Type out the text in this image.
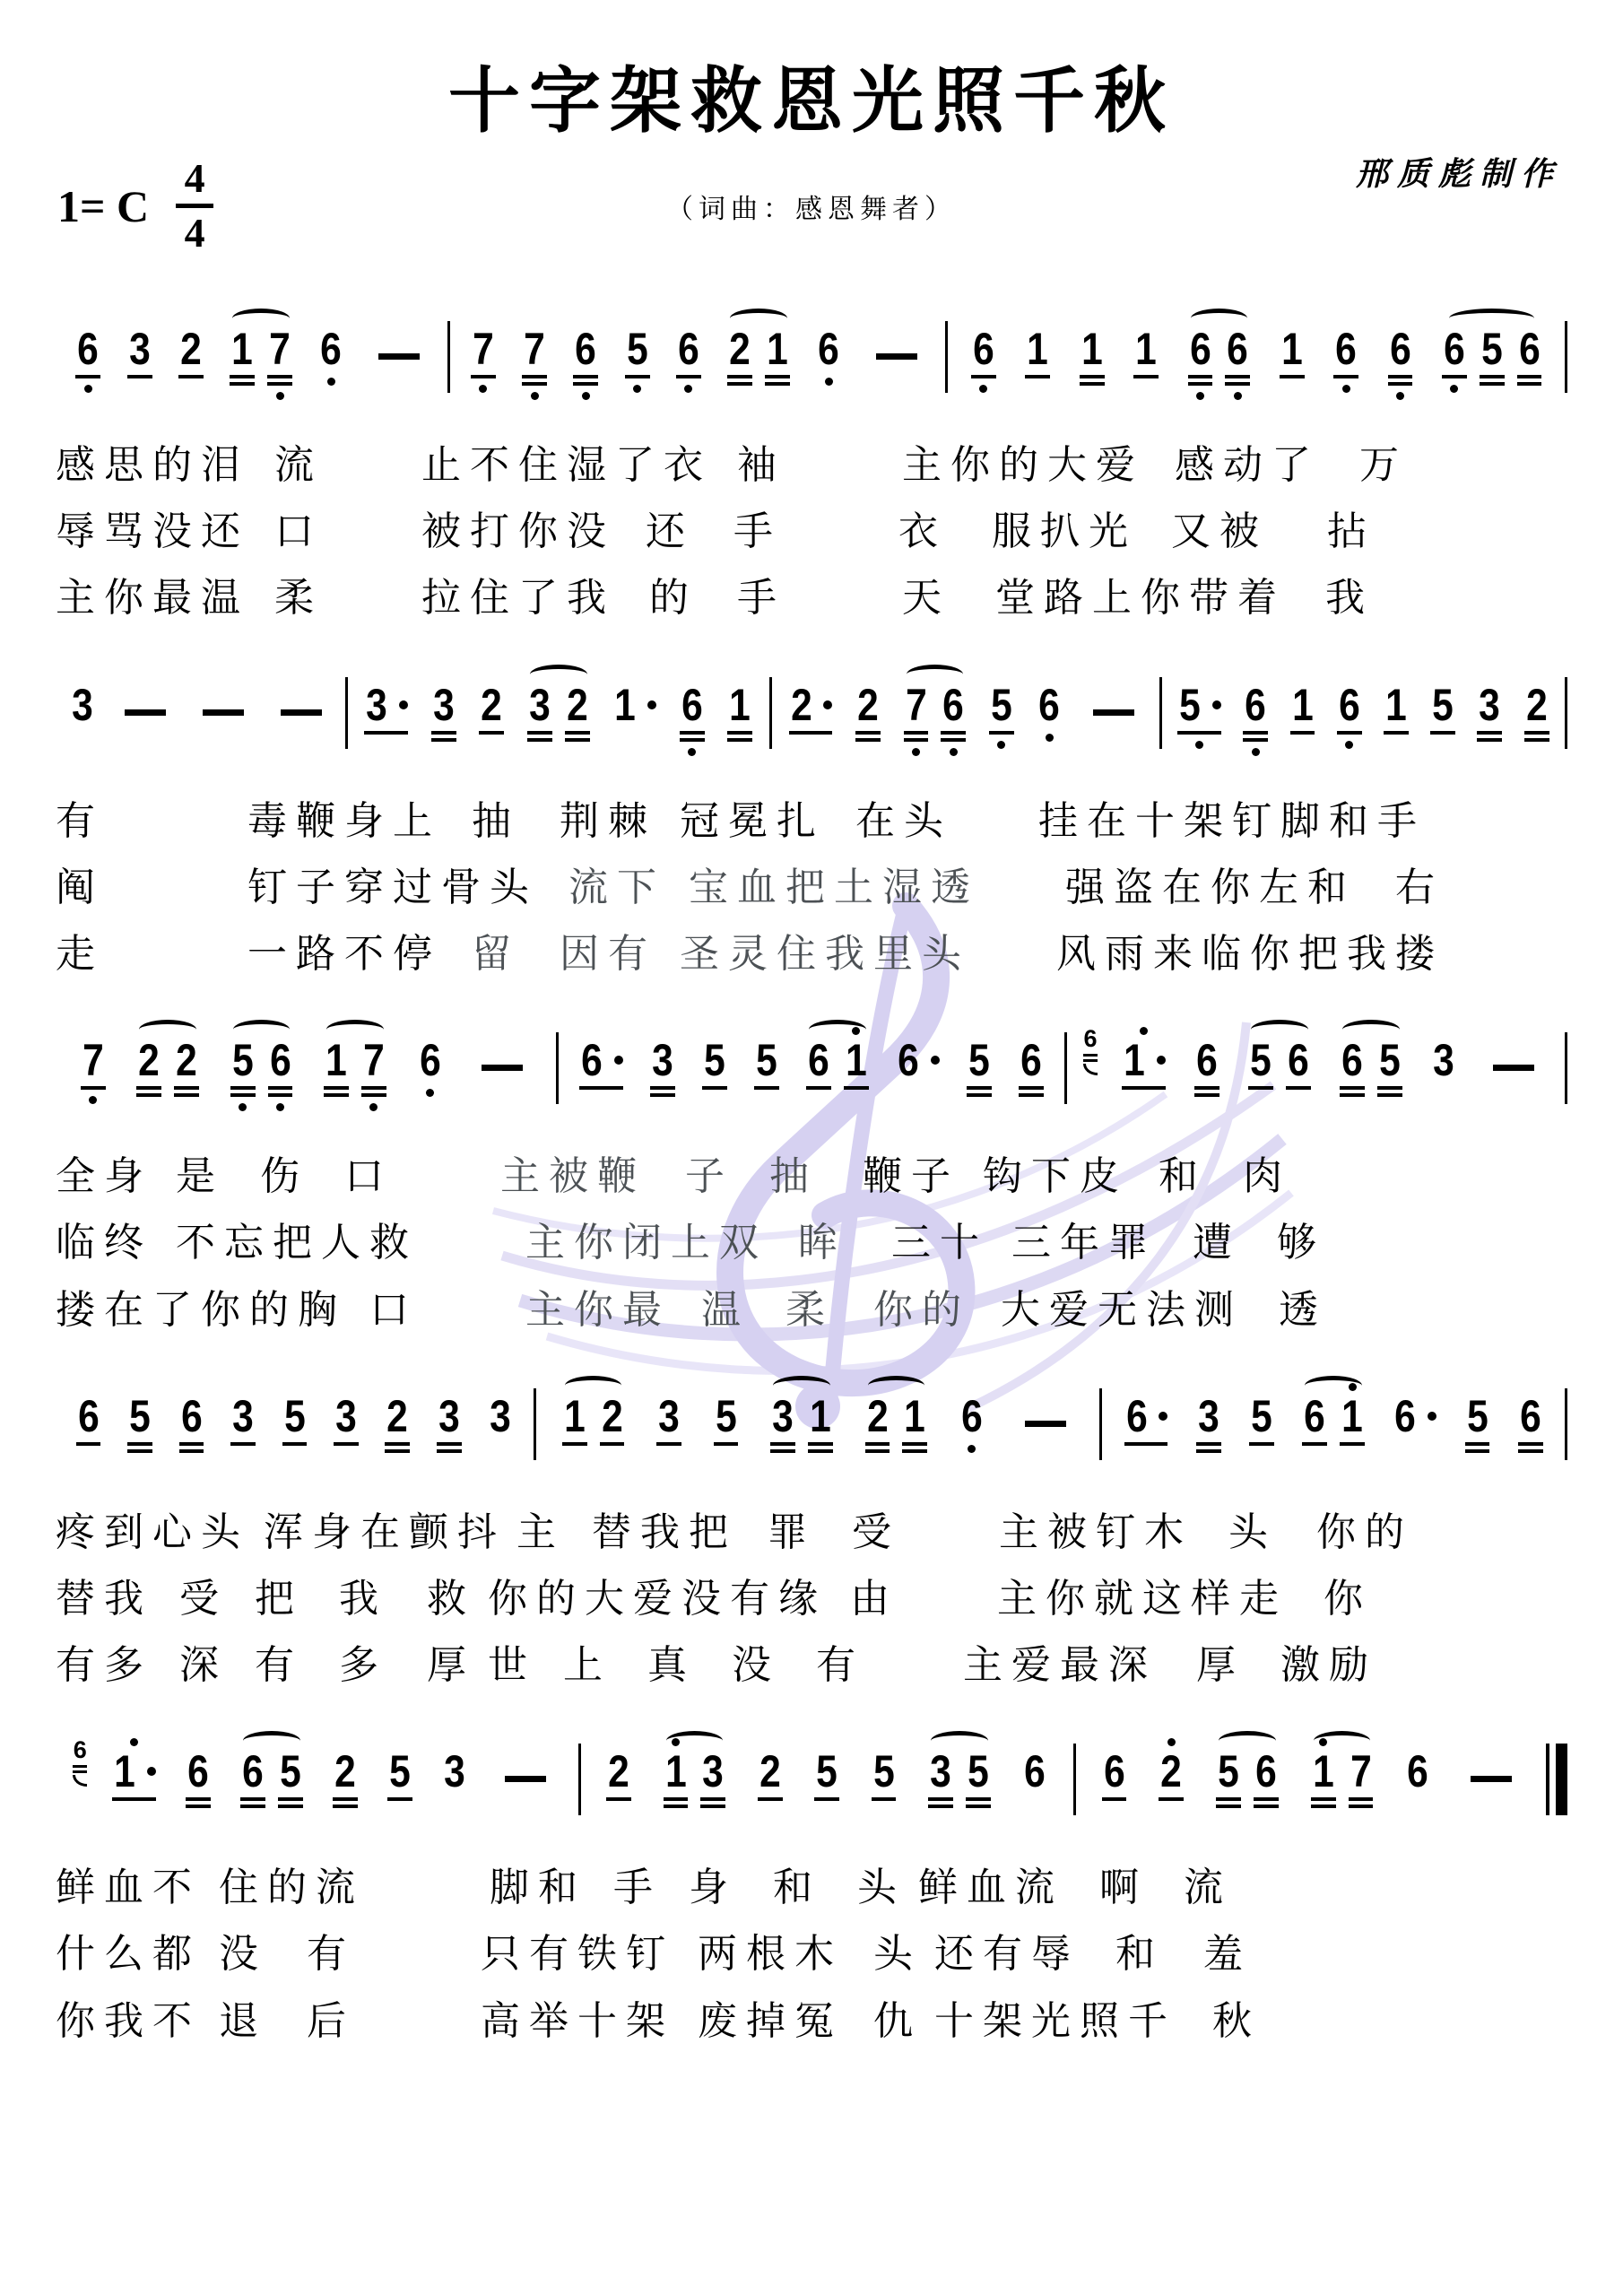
十字架救恩光照千秋
1= C
4
4
（词曲：感恩舞者）
邢质彪制作
6 3 2 1 7 6	7 7 6 5 6 2 1 6	6 1 1 1 6 6 1 6 6 6 5 6
感思的泪 流	止不住湿了衣 袖	主你的大爱 感动了 万
辱骂没还 口	被打你没 还 手	衣 服扒光 又被 拈
主你最温 柔	拉住了我 的 手	天 堂路上你带着 我
3	3 3 2 3 2 1 6 1 2 2 7 6 5 6	5 6 1 6 1 5 3 2
有	毒鞭身上 抽 荆棘 冠冕扎 在头 挂在十架钉脚和手
阄	钉子穿过骨头 流下 宝血把土湿透 强盗在你左和 右
走	一路不停 留 因有 圣灵住我里头 风雨来临你把我搂
7 2 2 5 6 1 7 6	6 3 5 5 6 1 6 5 6 6 1 6 5 6 6 5 3
全身 是 伤 口	主被鞭 子 抽 鞭子 钩下皮 和 肉
临终 不忘把人救	主你闭上双 眸 三十 三年罪 遭 够
搂在了你的胸 口	主你最 温 柔 你的 大爱无法测 透
6 5 6 3 5 3 2 3 3 1 2 3 5 3 1 2 1 6	6 3 5 6 1 6 5 6
疼到心头 浑身在颤抖 主 替我把 罪 受	主被钉木 头 你的
替我 受 把 我 救 你的大爱没有缘 由	主你就这样走 你
有多 深 有 多 厚 世 上 真 没 有	主爱最深 厚 激励
6 1 6 6 5 2 5 3	2 1 3 2 5 5 3 5 6 6 2 5 6 1 7 6
鲜血不 住的流	脚和 手 身 和 头 鲜血流 啊 流
什么都 没 有	只有铁钉 两根木 头 还有辱 和 羞
你我不 退 后	高举十架 废掉冤 仇 十架光照千 秋
